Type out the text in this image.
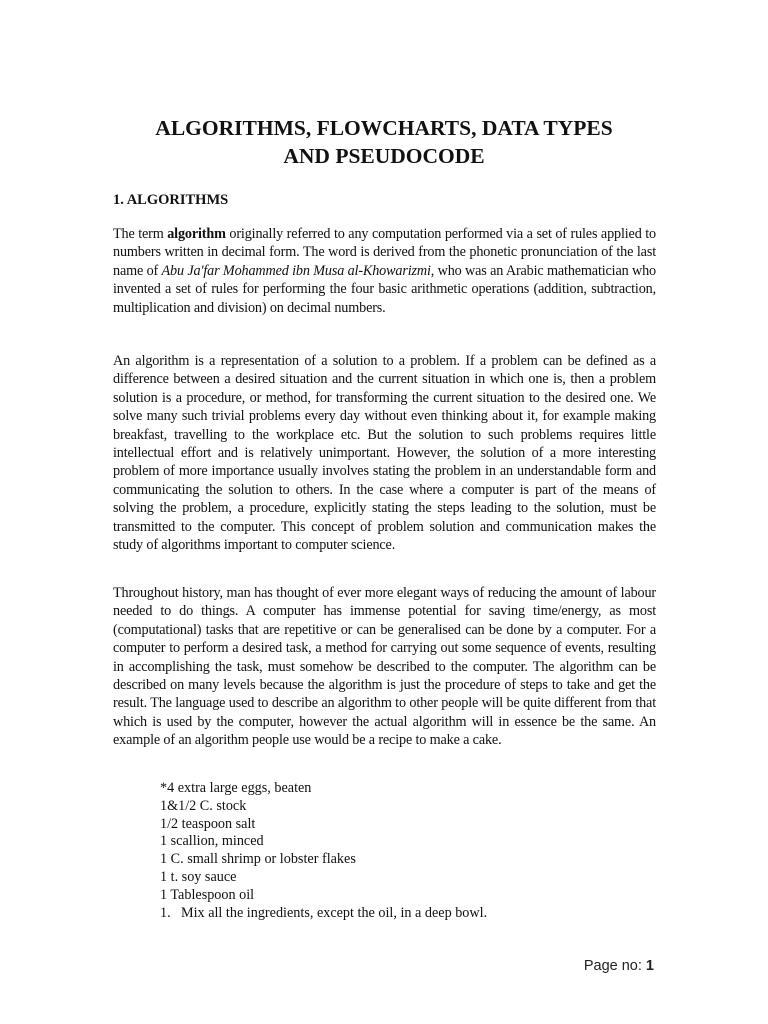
ALGORITHMS, FLOWCHARTS, DATA TYPES
AND PSEUDOCODE
1. ALGORITHMS

The term algorithm originally referred to any computation performed via a set of rules applied to numbers written in decimal form. The word is derived from the phonetic pronunciation of the last name of Abu Ja'far Mohammed ibn Musa al-Khowarizmi, who was an Arabic mathematician who invented a set of rules for performing the four basic arithmetic operations (addition, subtraction, multiplication and division) on decimal numbers.

An algorithm is a representation of a solution to a problem. If a problem can be defined as a difference between a desired situation and the current situation in which one is, then a problem solution is a procedure, or method, for transforming the current situation to the desired one. We solve many such trivial problems every day without even thinking about it, for example making breakfast, travelling to the workplace etc. But the solution to such problems requires little intellectual effort and is relatively unimportant. However, the solution of a more interesting problem of more importance usually involves stating the problem in an understandable form and communicating the solution to others. In the case where a computer is part of the means of solving the problem, a procedure, explicitly stating the steps leading to the solution, must be transmitted to the computer. This concept of problem solution and communication makes the study of algorithms important to computer science.

Throughout history, man has thought of ever more elegant ways of reducing the amount of labour needed to do things. A computer has immense potential for saving time/energy, as most (computational) tasks that are repetitive or can be generalised can be done by a computer. For a computer to perform a desired task, a method for carrying out some sequence of events, resulting in accomplishing the task, must somehow be described to the computer. The algorithm can be described on many levels because the algorithm is just the procedure of steps to take and get the result. The language used to describe an algorithm to other people will be quite different from that which is used by the computer, however the actual algorithm will in essence be the same. An example of an algorithm people use would be a recipe to make a cake.

*4 extra large eggs, beaten
1&1/2 C. stock
1/2 teaspoon salt
1 scallion, minced
1 C. small shrimp or lobster flakes
1 t. soy sauce
1 Tablespoon oil
1. Mix all the ingredients, except the oil, in a deep bowl.
Page no: 1
